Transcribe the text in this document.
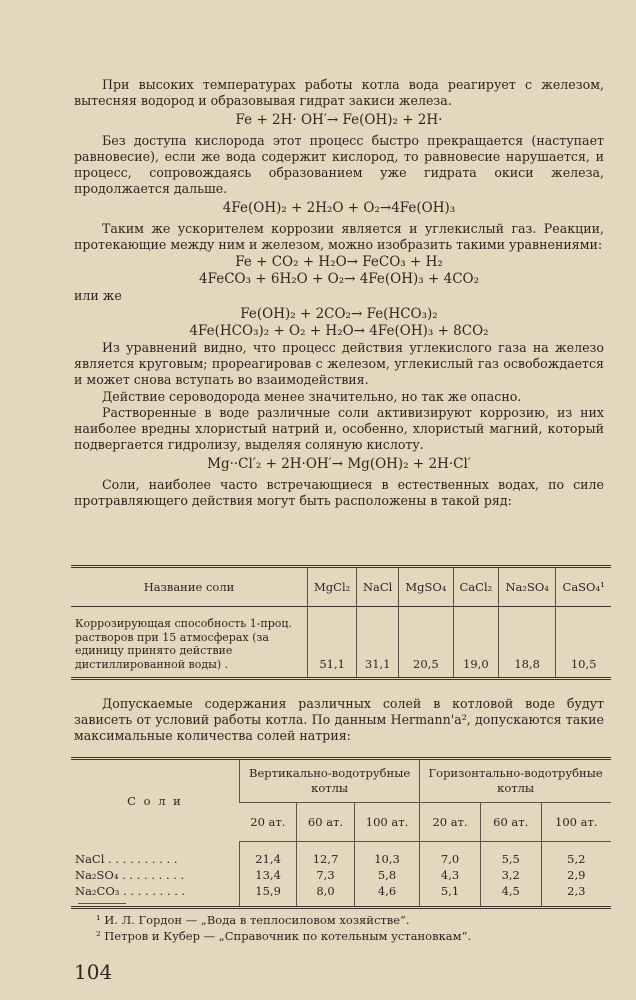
При высоких температурах работы котла вода реагирует с железом, вытесняя водород и образовывая гидрат закиси железа.

Fe + 2H· OH′→ Fe(OH)₂ + 2H·

Без доступа кислорода этот процесс быстро прекращается (наступает равновесие), если же вода содержит кислород, то равновесие нарушается, и процесс, сопровождаясь образованием уже гидрата окиси железа, продолжается дальше.

4Fe(OH)₂ + 2H₂O + O₂→4Fe(OH)₃

Таким же ускорителем коррозии является и углекислый газ. Реакции, протекающие между ним и железом, можно изобразить такими уравнениями:

Fe + CO₂ + H₂O→ FeCO₃ + H₂
4FeCO₃ + 6H₂O + O₂→ 4Fe(OH)₃ + 4CO₂

или же

Fe(OH)₂ + 2CO₂→ Fe(HCO₃)₂
4Fe(HCO₃)₂ + O₂ + H₂O→ 4Fe(OH)₃ + 8CO₂

Из уравнений видно, что процесс действия углекислого газа на железо является круговым; прореагировав с железом, углекислый газ освобождается и может снова вступать во взаимодействия.

Действие сероводорода менее значительно, но так же опасно.

Растворенные в воде различные соли активизируют коррозию, из них наиболее вредны хлористый натрий и, особенно, хлористый магний, который подвергается гидролизу, выделяя соляную кислоту.

Mg··Cl′₂ + 2H·OH′→ Mg(OH)₂ + 2H·Cl′

Соли, наиболее часто встречающиеся в естественных водах, по силе протравляющего действия могут быть расположены в такой ряд:

Название соли	MgCl₂	NaCl	MgSO₄	CaCl₂	Na₂SO₄	CaSO₄¹
Коррозирующая способность 1-проц. растворов при 15 атмосферах (за единицу принято действие дистиллированной воды) .	51,1	31,1	20,5	19,0	18,8	10,5

Допускаемые содержания различных солей в котловой воде будут зависеть от условий работы котла. По данным Hermann'a², допускаются такие максимальные количества солей натрия:

С о л и	Вертикально-водотрубные котлы			Горизонтально-водотрубные котлы		
	20 ат.	60 ат.	100 ат.	20 ат.	60 ат.	100 ат.
NaCl . . . . . . . . . .	21,4	12,7	10,3	7,0	5,5	5,2
Na₂SO₄ . . . . . . . . .	13,4	7,3	5,8	4,3	3,2	2,9
Na₂CO₃ . . . . . . . . .	15,9	8,0	4,6	5,1	4,5	2,3
¹ И. Л. Гордон — „Вода в теплосиловом хозяйстве“.
² Петров и Кубер — „Справочник по котельным установкам“.
104
